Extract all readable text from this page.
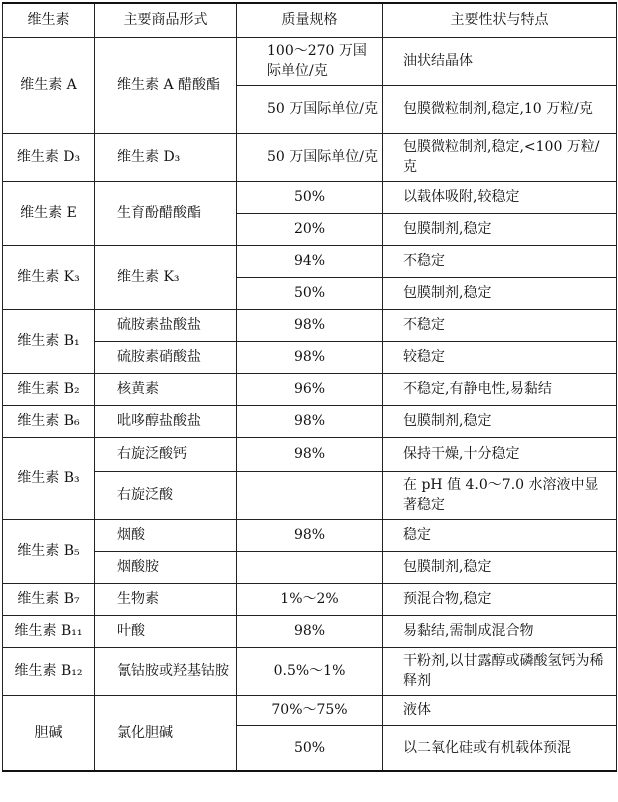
维生素	主要商品形式	质量规格	主要性状与特点
维生素 A	维生素 A 醋酸酯	100～270 万国际单位/克	油状结晶体
		50 万国际单位/克	包膜微粒制剂,稳定,10 万粒/克
维生素 D₃	维生素 D₃	50 万国际单位/克	包膜微粒制剂,稳定,<100 万粒/克
维生素 E	生育酚醋酸酯	50%	以载体吸附,较稳定
		20%	包膜制剂,稳定
维生素 K₃	维生素 K₃	94%	不稳定
		50%	包膜制剂,稳定
维生素 B₁	硫胺素盐酸盐	98%	不稳定
	硫胺素硝酸盐	98%	较稳定
维生素 B₂	核黄素	96%	不稳定,有静电性,易黏结
维生素 B₆	吡哆醇盐酸盐	98%	包膜制剂,稳定
维生素 B₃	右旋泛酸钙	98%	保持干燥,十分稳定
	右旋泛酸		在 pH 值 4.0～7.0 水溶液中显著稳定
维生素 B₅	烟酸	98%	稳定
	烟酸胺		包膜制剂,稳定
维生素 B₇	生物素	1%～2%	预混合物,稳定
维生素 B₁₁	叶酸	98%	易黏结,需制成混合物
维生素 B₁₂	氰钴胺或羟基钴胺	0.5%～1%	干粉剂,以甘露醇或磷酸氢钙为稀释剂
胆碱	氯化胆碱	70%～75%	液体
		50%	以二氧化硅或有机载体预混
